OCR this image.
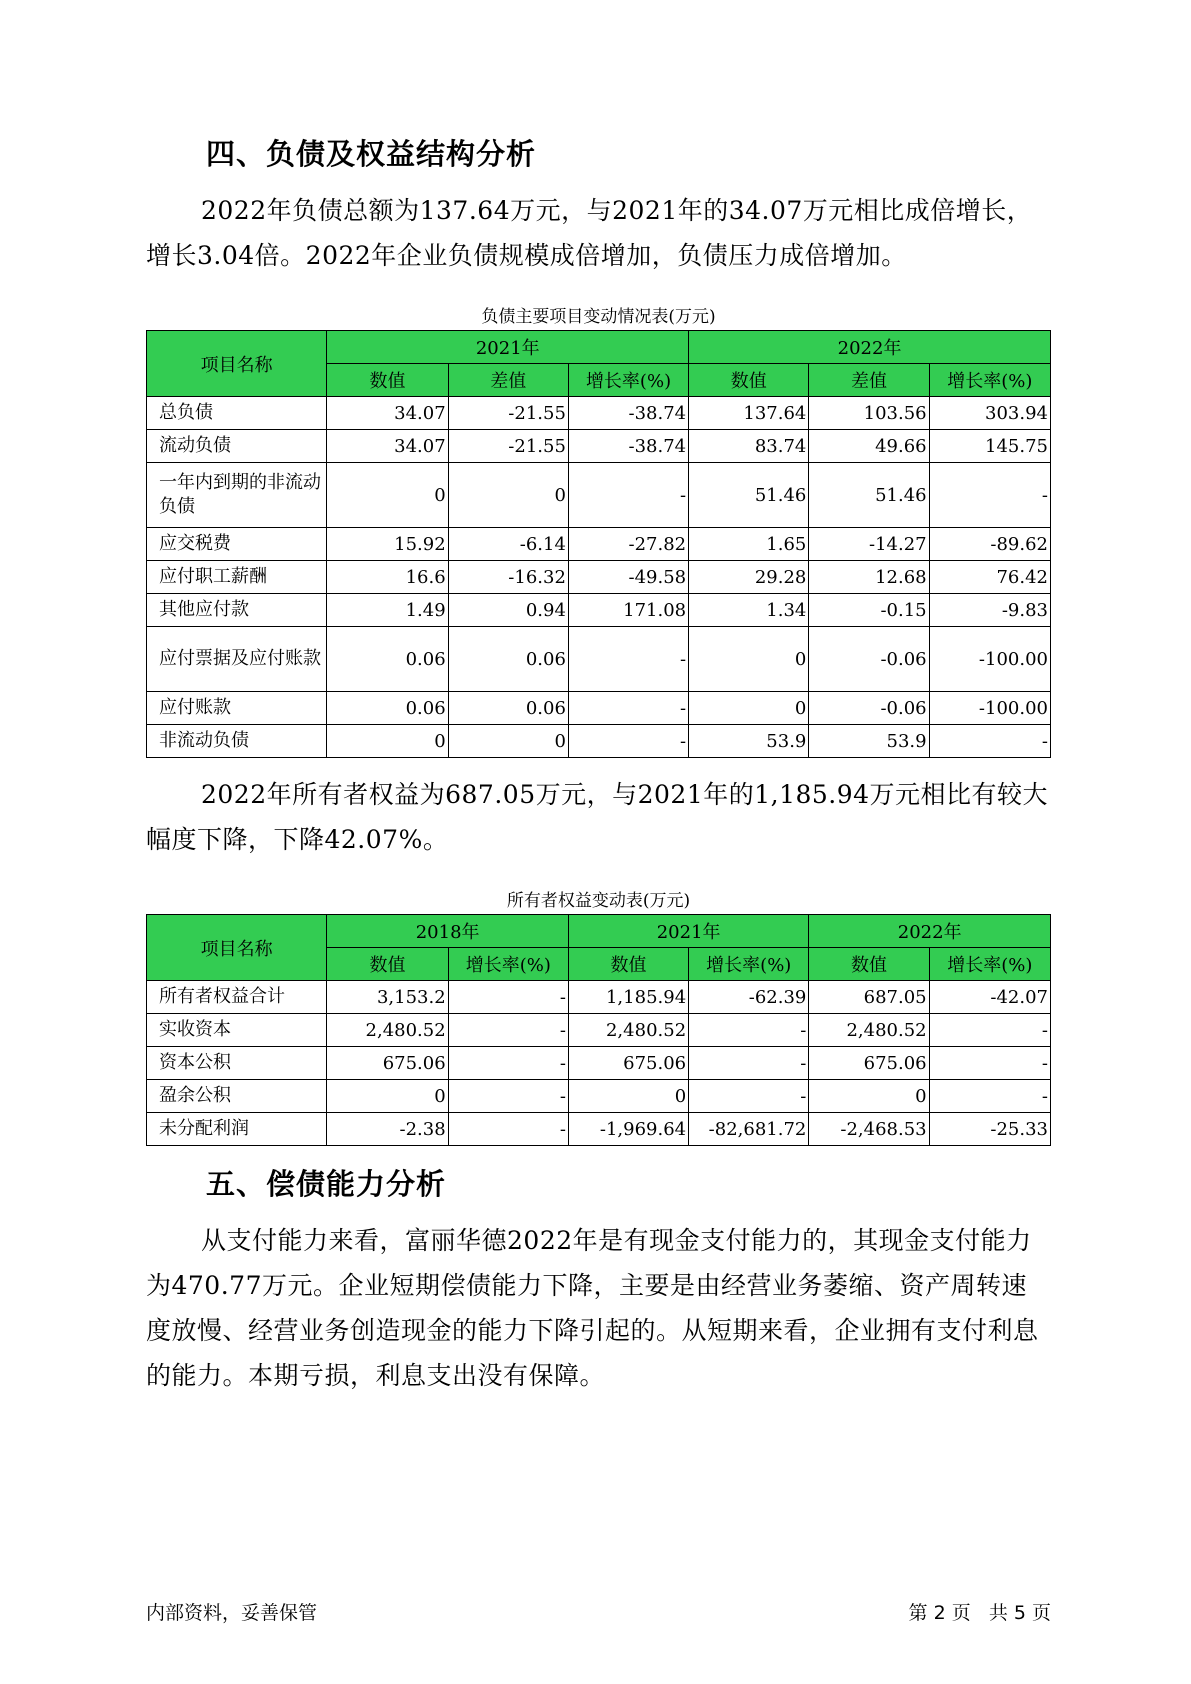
四、负债及权益结构分析

2022年负债总额为137.64万元，与2021年的34.07万元相比成倍增长，增长3.04倍。2022年企业负债规模成倍增加，负债压力成倍增加。

负债主要项目变动情况表(万元)
项目名称	2021年			2022年		
	数值	差值	增长率(%)	数值	差值	增长率(%)
总负债	34.07	-21.55	-38.74	137.64	103.56	303.94
流动负债	34.07	-21.55	-38.74	83.74	49.66	145.75
一年内到期的非流动负债	0	0	-	51.46	51.46	-
应交税费	15.92	-6.14	-27.82	1.65	-14.27	-89.62
应付职工薪酬	16.6	-16.32	-49.58	29.28	12.68	76.42
其他应付款	1.49	0.94	171.08	1.34	-0.15	-9.83
应付票据及应付账款	0.06	0.06	-	0	-0.06	-100.00
应付账款	0.06	0.06	-	0	-0.06	-100.00
非流动负债	0	0	-	53.9	53.9	-

2022年所有者权益为687.05万元，与2021年的1,185.94万元相比有较大幅度下降，下降42.07%。

所有者权益变动表(万元)
项目名称	2018年		2021年		2022年	
	数值	增长率(%)	数值	增长率(%)	数值	增长率(%)
所有者权益合计	3,153.2	-	1,185.94	-62.39	687.05	-42.07
实收资本	2,480.52	-	2,480.52	-	2,480.52	-
资本公积	675.06	-	675.06	-	675.06	-
盈余公积	0	-	0	-	0	-
未分配利润	-2.38	-	-1,969.64	-82,681.72	-2,468.53	-25.33
五、偿债能力分析

从支付能力来看，富丽华德2022年是有现金支付能力的，其现金支付能力为470.77万元。企业短期偿债能力下降，主要是由经营业务萎缩、资产周转速度放慢、经营业务创造现金的能力下降引起的。从短期来看，企业拥有支付利息的能力。本期亏损，利息支出没有保障。

内部资料，妥善保管	第 2 页   共 5 页
